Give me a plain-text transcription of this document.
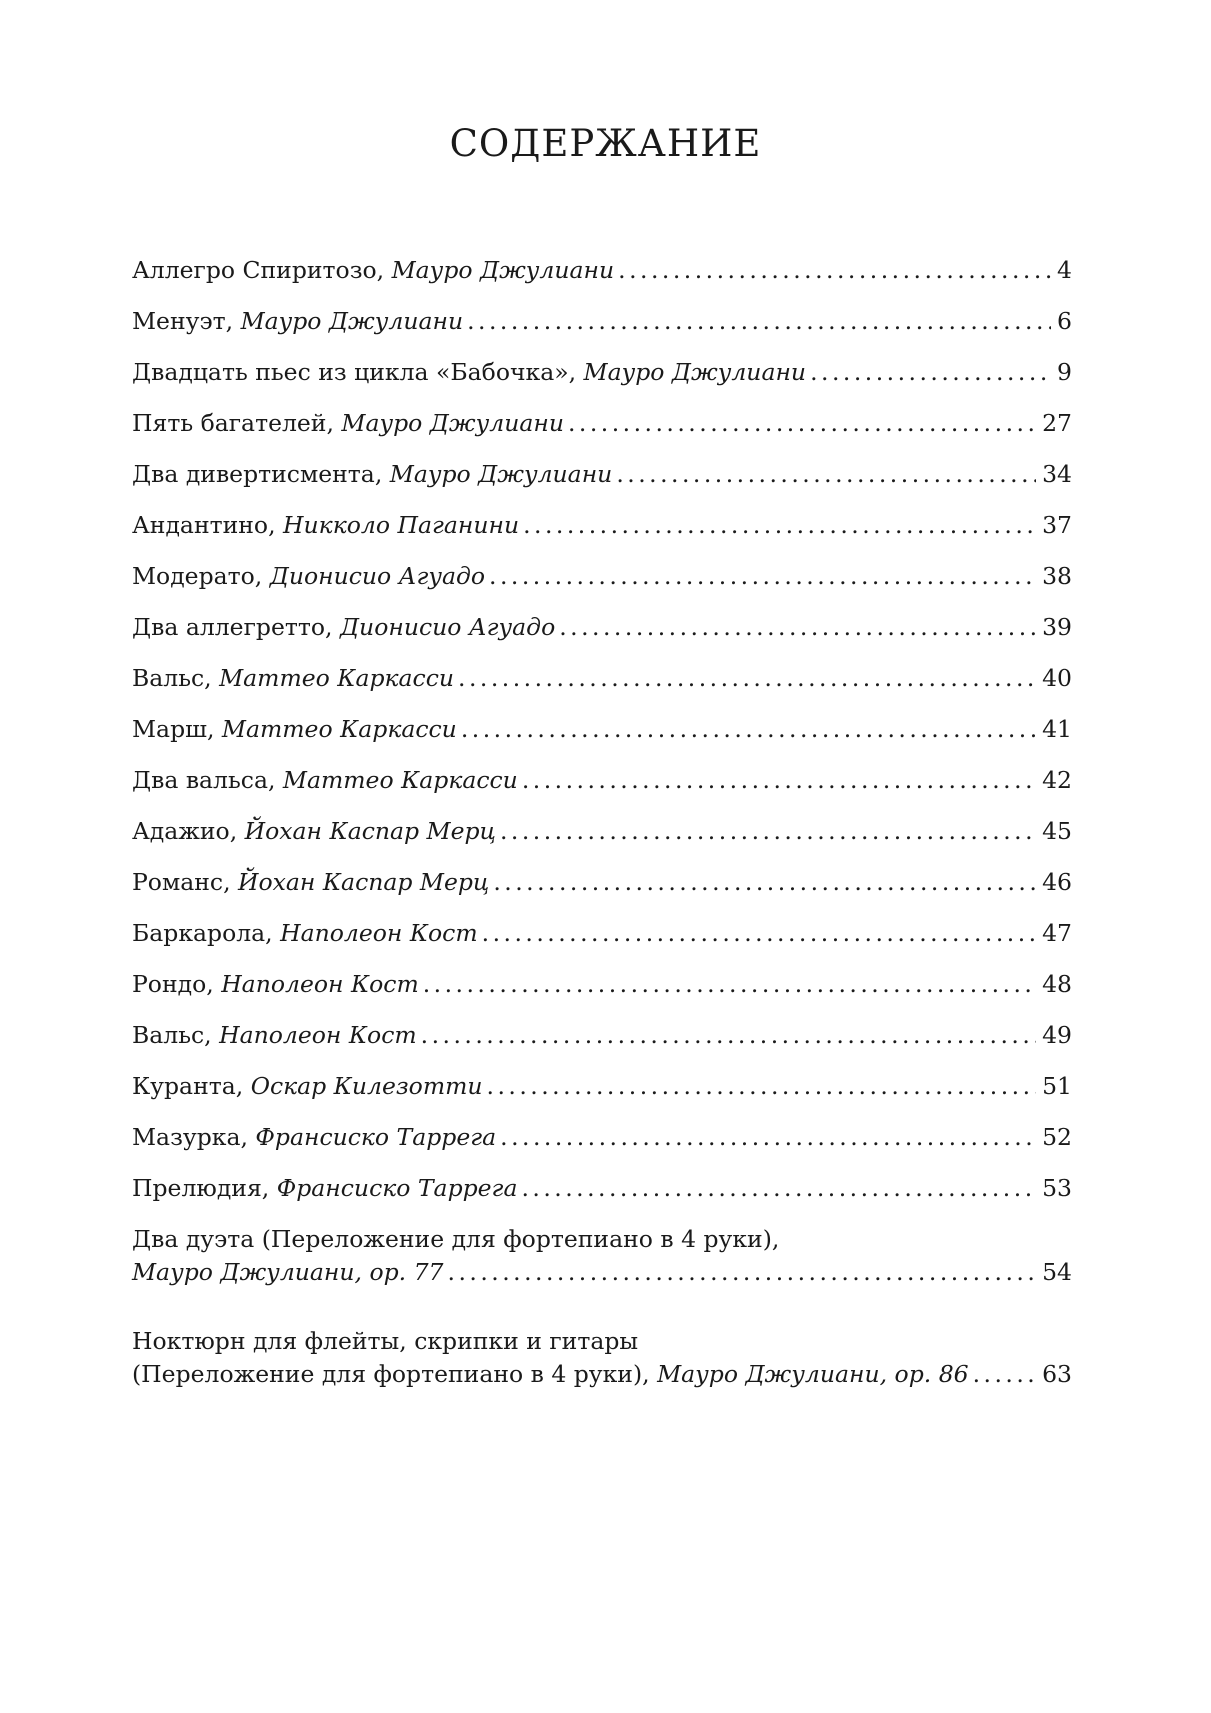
СОДЕРЖАНИЕ
Аллегро Спиритозо, Мауро Джулиани . . .	4
Менуэт, Мауро Джулиани . . .	6
Двадцать пьес из цикла «Бабочка», Мауро Джулиани . . .	9
Пять багателей, Мауро Джулиани . . .	27
Два дивертисмента, Мауро Джулиани . . .	34
Андантино, Никколо Паганини . . .	37
Модерато, Дионисио Агуадо . . .	38
Два аллегретто, Дионисио Агуадо . . .	39
Вальс, Маттео Каркасси . . .	40
Марш, Маттео Каркасси . . .	41
Два вальса, Маттео Каркасси . . .	42
Адажио, Йохан Каспар Мерц . . .	45
Романс, Йохан Каспар Мерц . . .	46
Баркарола, Наполеон Кост . . .	47
Рондо, Наполеон Кост . . .	48
Вальс, Наполеон Кост . . .	49
Куранта, Оскар Килезотти . . .	51
Мазурка, Франсиско Таррега . . .	52
Прелюдия, Франсиско Таррега . . .	53
Два дуэта (Переложение для фортепиано в 4 руки),
Мауро Джулиани, ор. 77 . . .	54
Ноктюрн для флейты, скрипки и гитары
(Переложение для фортепиано в 4 руки), Мауро Джулиани, ор. 86 . . .	63
